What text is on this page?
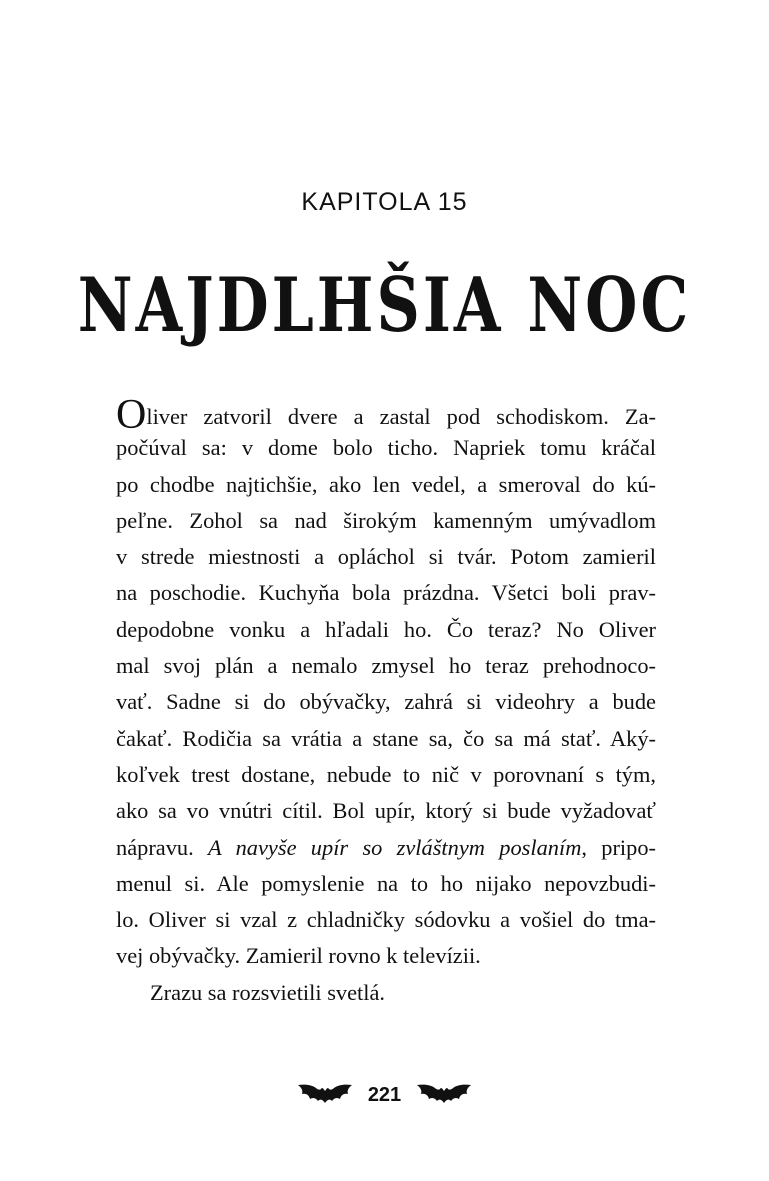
KAPITOLA 15
NAJDLHŠIA NOC
Oliver zatvoril dvere a zastal pod schodiskom. Za-
počúval sa: v dome bolo ticho. Napriek tomu kráčal
po chodbe najtichšie, ako len vedel, a smeroval do kú-
peľne. Zohol sa nad širokým kamenným umývadlom
v strede miestnosti a opláchol si tvár. Potom zamieril
na poschodie. Kuchyňa bola prázdna. Všetci boli prav-
depodobne vonku a hľadali ho. Čo teraz? No Oliver
mal svoj plán a nemalo zmysel ho teraz prehodnoco-
vať. Sadne si do obývačky, zahrá si videohry a bude
čakať. Rodičia sa vrátia a stane sa, čo sa má stať. Aký-
koľvek trest dostane, nebude to nič v porovnaní s tým,
ako sa vo vnútri cítil. Bol upír, ktorý si bude vyžadovať
nápravu. A navyše upír so zvláštnym poslaním, pripo-
menul si. Ale pomyslenie na to ho nijako nepovzbudi-
lo. Oliver si vzal z chladničky sódovku a vošiel do tma-
vej obývačky. Zamieril rovno k televízii.
Zrazu sa rozsvietili svetlá.
221
